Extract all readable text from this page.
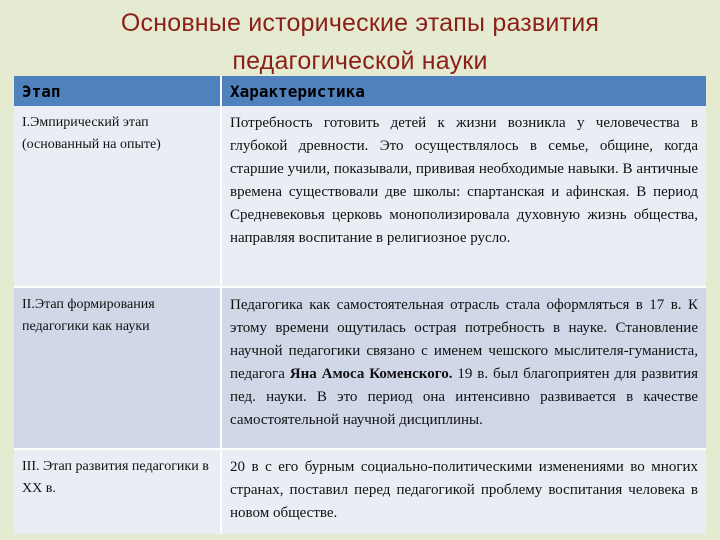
Основные исторические этапы развития
педагогической науки
Этап	Характеристика
I.Эмпирический этап (основанный на опыте)	Потребность готовить детей к жизни возникла у человечества в глубокой древности. Это осуществлялось в семье, общине, когда старшие учили, показывали, прививая необходимые навыки. В античные времена существовали две школы: спартанская и афинская. В период Средневековья церковь монополизировала духовную жизнь общества, направляя воспитание в религиозное русло.
II.Этап формирования педагогики как науки	Педагогика как самостоятельная отрасль стала оформляться в 17 в. К этому времени ощутилась острая потребность в науке. Становление научной педагогики связано с именем чешского мыслителя-гуманиста, педагога Яна Амоса Коменского. 19 в. был благоприятен для развития пед. науки. В это период она интенсивно развивается в качестве самостоятельной научной дисциплины.
III. Этап развития педагогики в XX в.	20 в с его бурным социально-политическими изменениями во многих странах, поставил перед педагогикой проблему воспитания человека в новом обществе.
